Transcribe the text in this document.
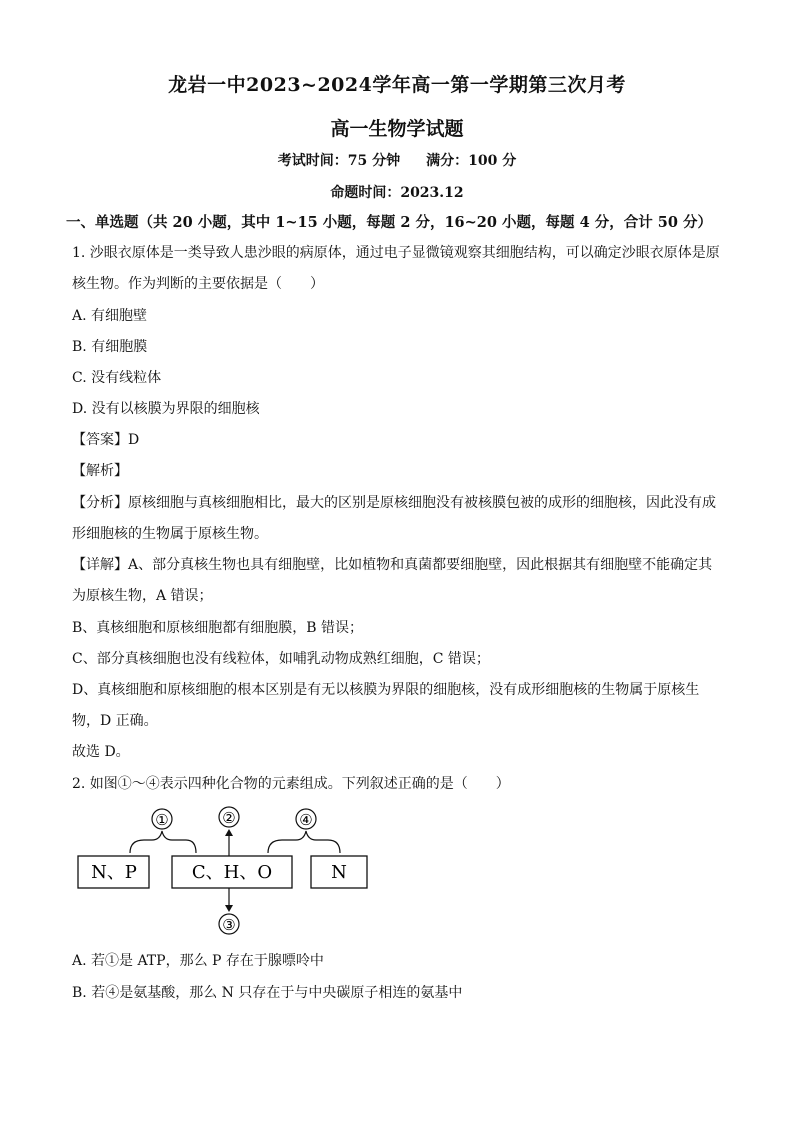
龙岩一中2023~2024学年高一第一学期第三次月考
高一生物学试题
考试时间：75 分钟 满分：100 分
命题时间：2023.12
一、单选题（共 20 小题，其中 1~15 小题，每题 2 分，16~20 小题，每题 4 分，合计 50 分）
1. 沙眼衣原体是一类导致人患沙眼的病原体，通过电子显微镜观察其细胞结构，可以确定沙眼衣原体是原
核生物。作为判断的主要依据是（　　）
A. 有细胞壁
B. 有细胞膜
C. 没有线粒体
D. 没有以核膜为界限的细胞核
【答案】D
【解析】
【分析】原核细胞与真核细胞相比，最大的区别是原核细胞没有被核膜包被的成形的细胞核，因此没有成
形细胞核的生物属于原核生物。
【详解】A、部分真核生物也具有细胞壁，比如植物和真菌都要细胞壁，因此根据其有细胞壁不能确定其
为原核生物，A 错误；
B、真核细胞和原核细胞都有细胞膜，B 错误；
C、部分真核细胞也没有线粒体，如哺乳动物成熟红细胞，C 错误；
D、真核细胞和原核细胞的根本区别是有无以核膜为界限的细胞核，没有成形细胞核的生物属于原核生
物，D 正确。
故选 D。
2. 如图①～④表示四种化合物的元素组成。下列叙述正确的是（　　）
N、P	C、H、O	N
①	④
②
③
A. 若①是 ATP，那么 P 存在于腺嘌呤中
B. 若④是氨基酸，那么 N 只存在于与中央碳原子相连的氨基中
